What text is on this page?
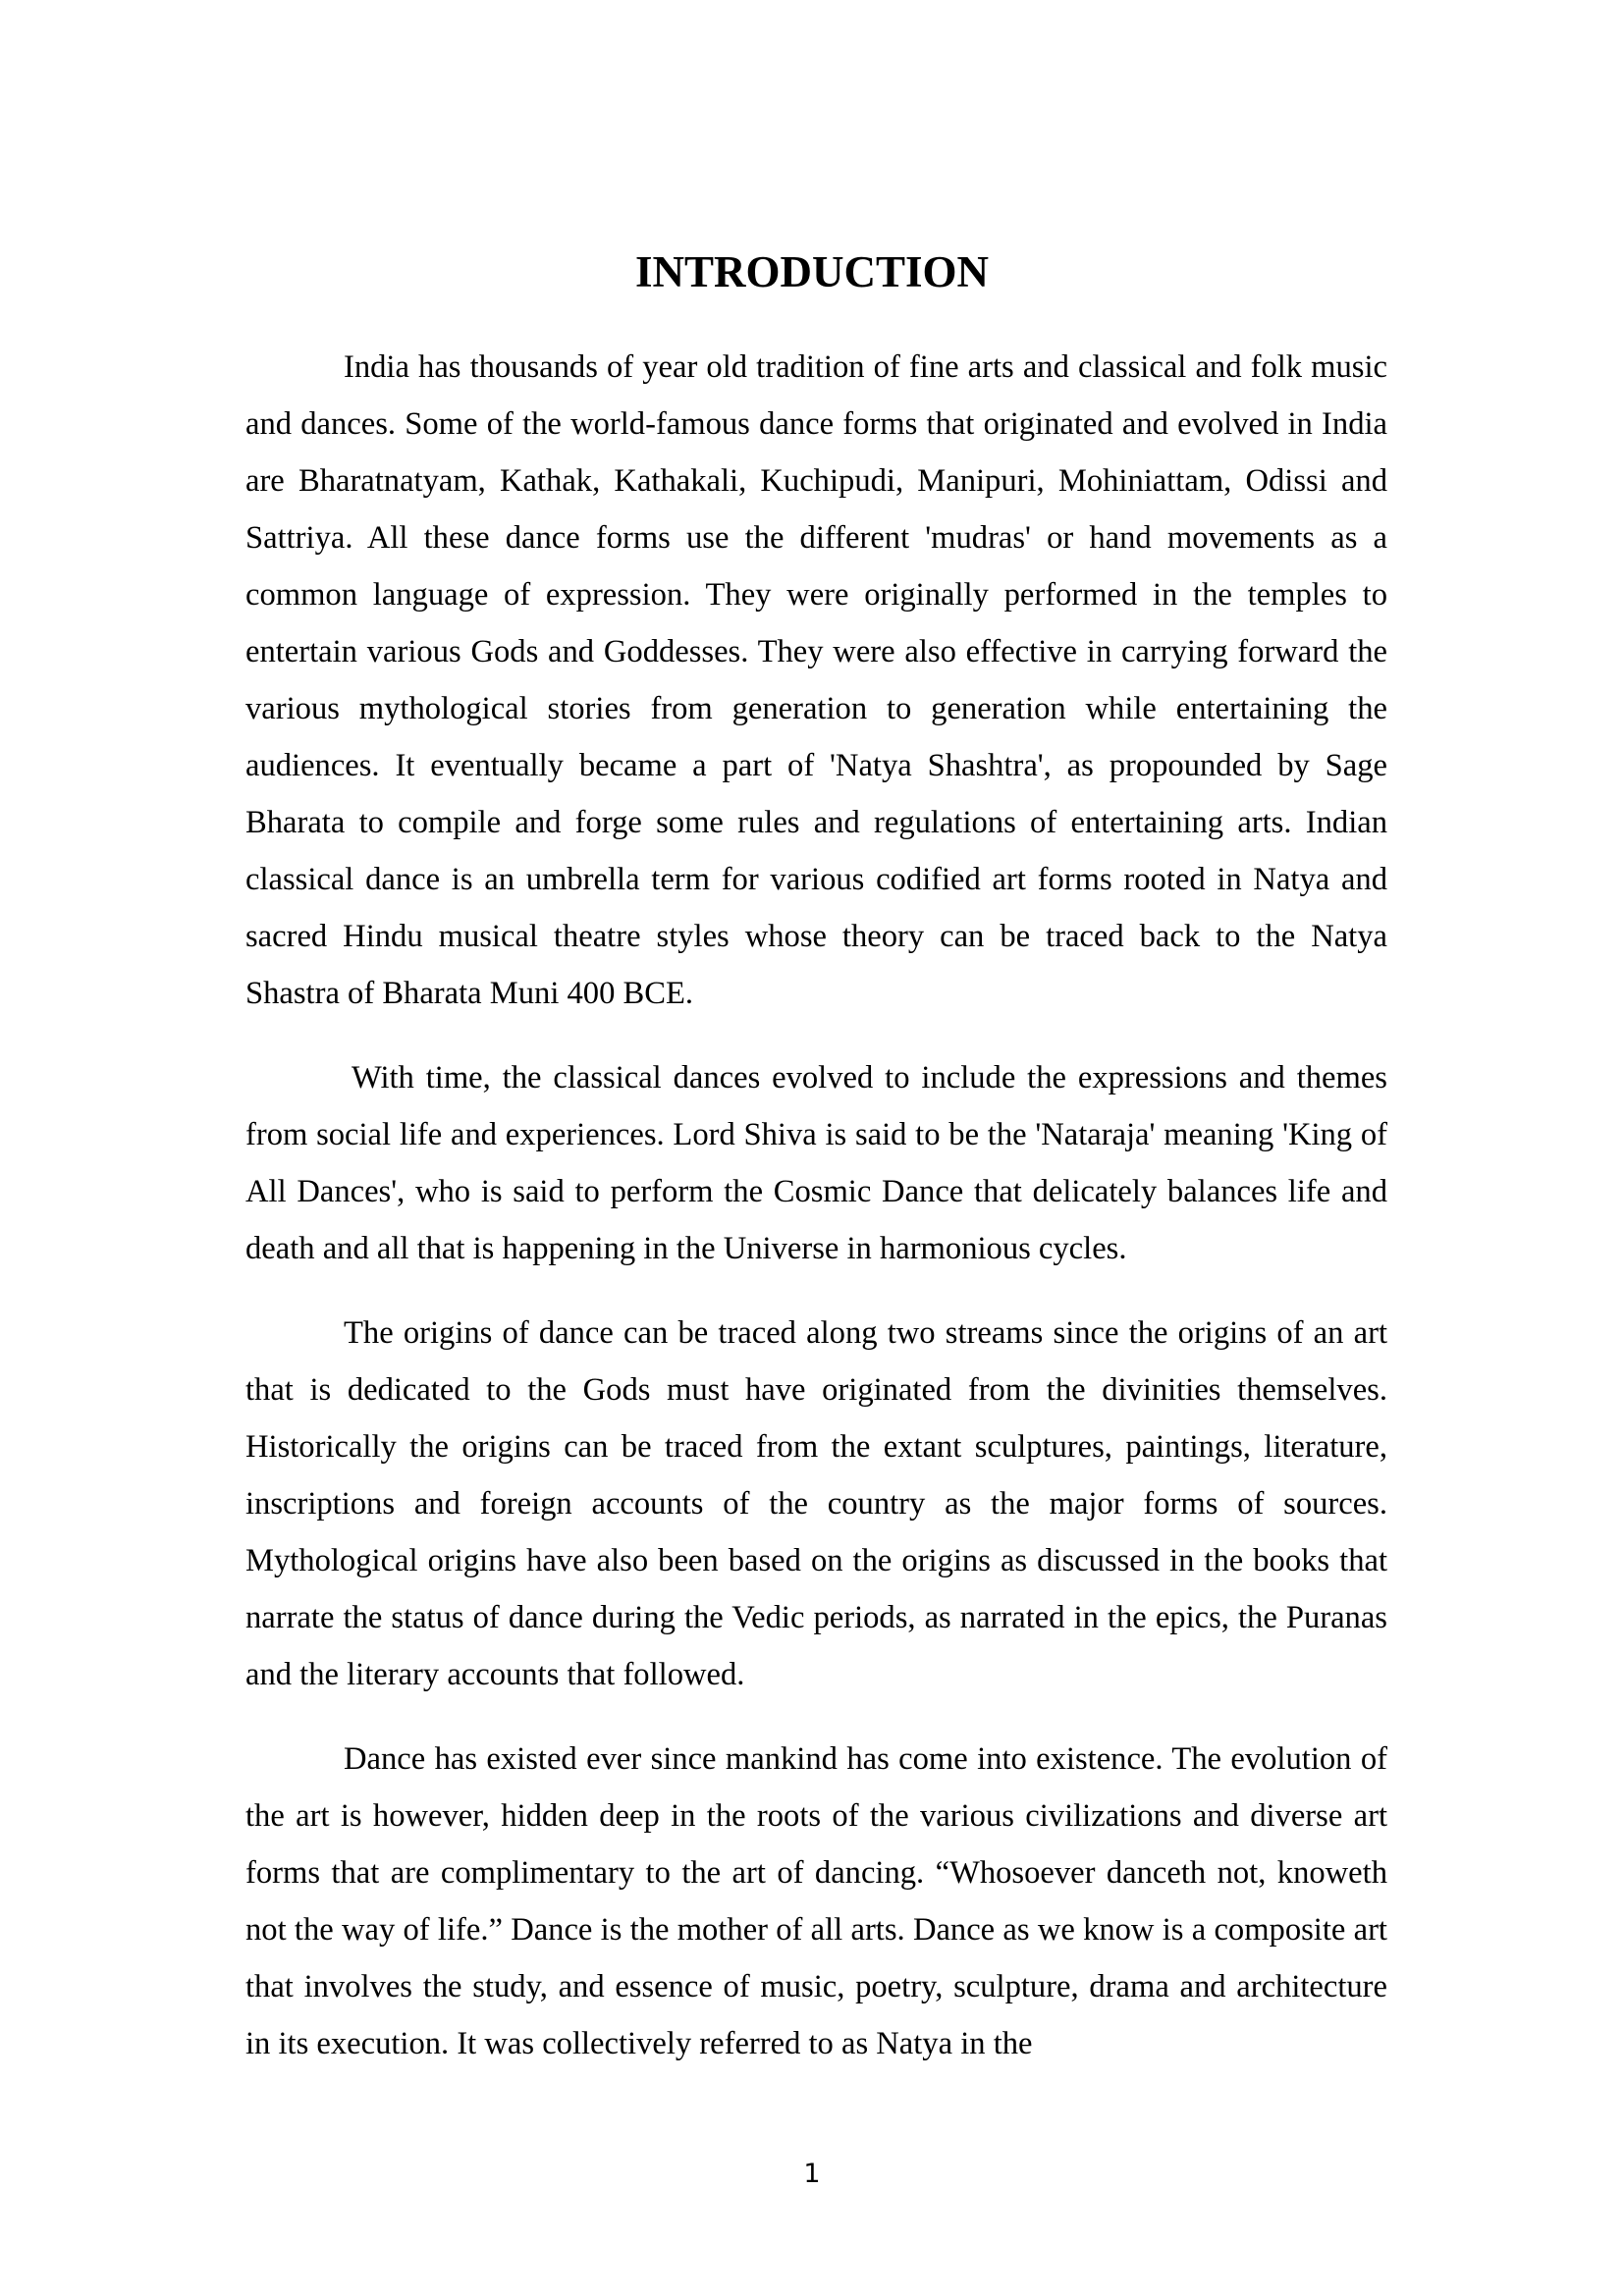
INTRODUCTION

India has thousands of year old tradition of fine arts and classical and folk music and dances. Some of the world-famous dance forms that originated and evolved in India are Bharatnatyam, Kathak, Kathakali, Kuchipudi, Manipuri, Mohiniattam, Odissi and Sattriya. All these dance forms use the different 'mudras' or hand movements as a common language of expression. They were originally performed in the temples to entertain various Gods and Goddesses. They were also effective in carrying forward the various mythological stories from generation to generation while entertaining the audiences. It eventually became a part of 'Natya Shashtra', as propounded by Sage Bharata to compile and forge some rules and regulations of entertaining arts. Indian classical dance is an umbrella term for various codified art forms rooted in Natya and sacred Hindu musical theatre styles whose theory can be traced back to the Natya Shastra of Bharata Muni 400 BCE.

With time, the classical dances evolved to include the expressions and themes from social life and experiences. Lord Shiva is said to be the 'Nataraja' meaning 'King of All Dances', who is said to perform the Cosmic Dance that delicately balances life and death and all that is happening in the Universe in harmonious cycles.

The origins of dance can be traced along two streams since the origins of an art that is dedicated to the Gods must have originated from the divinities themselves. Historically the origins can be traced from the extant sculptures, paintings, literature, inscriptions and foreign accounts of the country as the major forms of sources. Mythological origins have also been based on the origins as discussed in the books that narrate the status of dance during the Vedic periods, as narrated in the epics, the Puranas and the literary accounts that followed.

Dance has existed ever since mankind has come into existence. The evolution of the art is however, hidden deep in the roots of the various civilizations and diverse art forms that are complimentary to the art of dancing. “Whosoever danceth not, knoweth not the way of life.” Dance is the mother of all arts. Dance as we know is a composite art that involves the study, and essence of music, poetry, sculpture, drama and architecture in its execution. It was collectively referred to as Natya in the

1
